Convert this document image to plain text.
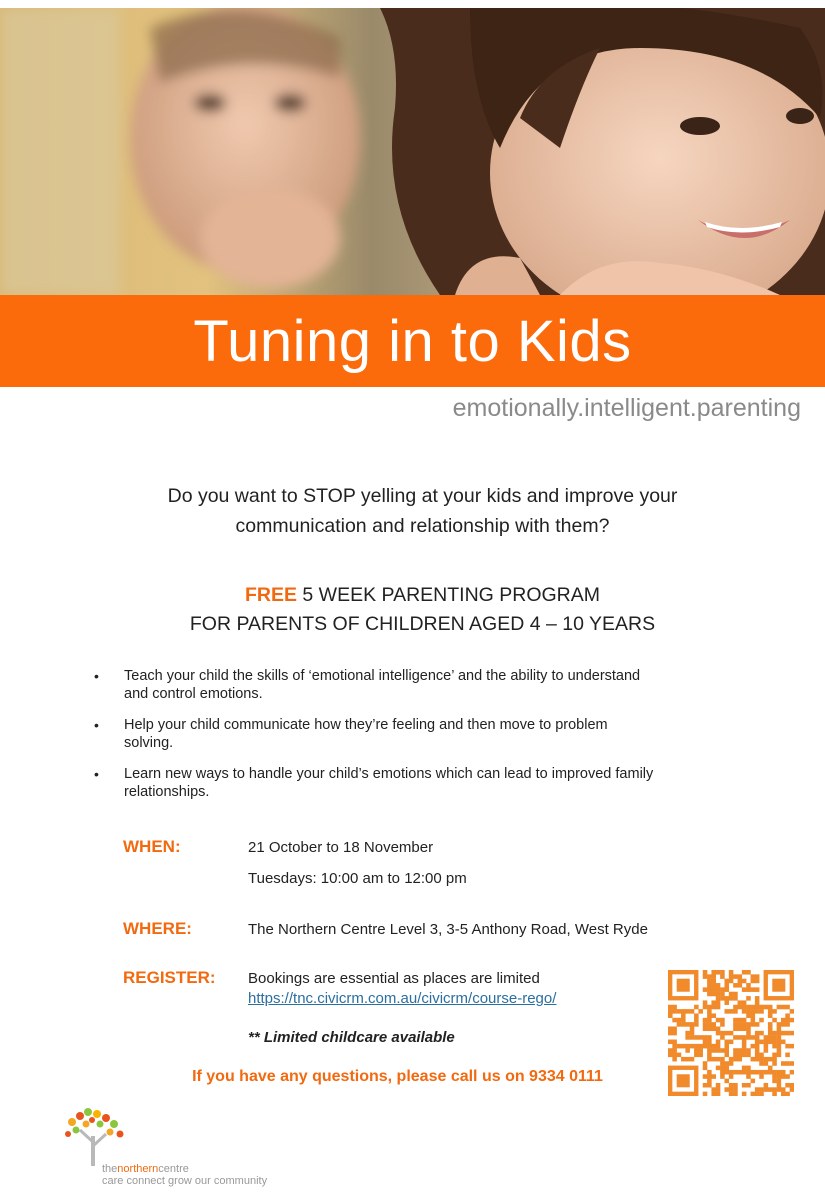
Tuning in to Kids
emotionally.intelligent.parenting
Do you want to STOP yelling at your kids and improve your
communication and relationship with them?
FREE 5 WEEK PARENTING PROGRAM
FOR PARENTS OF CHILDREN AGED 4 – 10 YEARS
• Teach your child the skills of ‘emotional intelligence’ and the ability to understand
and control emotions.
• Help your child communicate how they’re feeling and then move to problem
solving.
• Learn new ways to handle your child’s emotions which can lead to improved family
relationships.
WHEN:	21 October to 18 November
Tuesdays: 10:00 am to 12:00 pm
WHERE:	The Northern Centre Level 3, 3-5 Anthony Road, West Ryde
REGISTER: Bookings are essential as places are limited
https://tnc.civicrm.com.au/civicrm/course-rego/
** Limited childcare available
If you have any questions, please call us on 9334 0111
thenortherncentre
care connect grow our community
